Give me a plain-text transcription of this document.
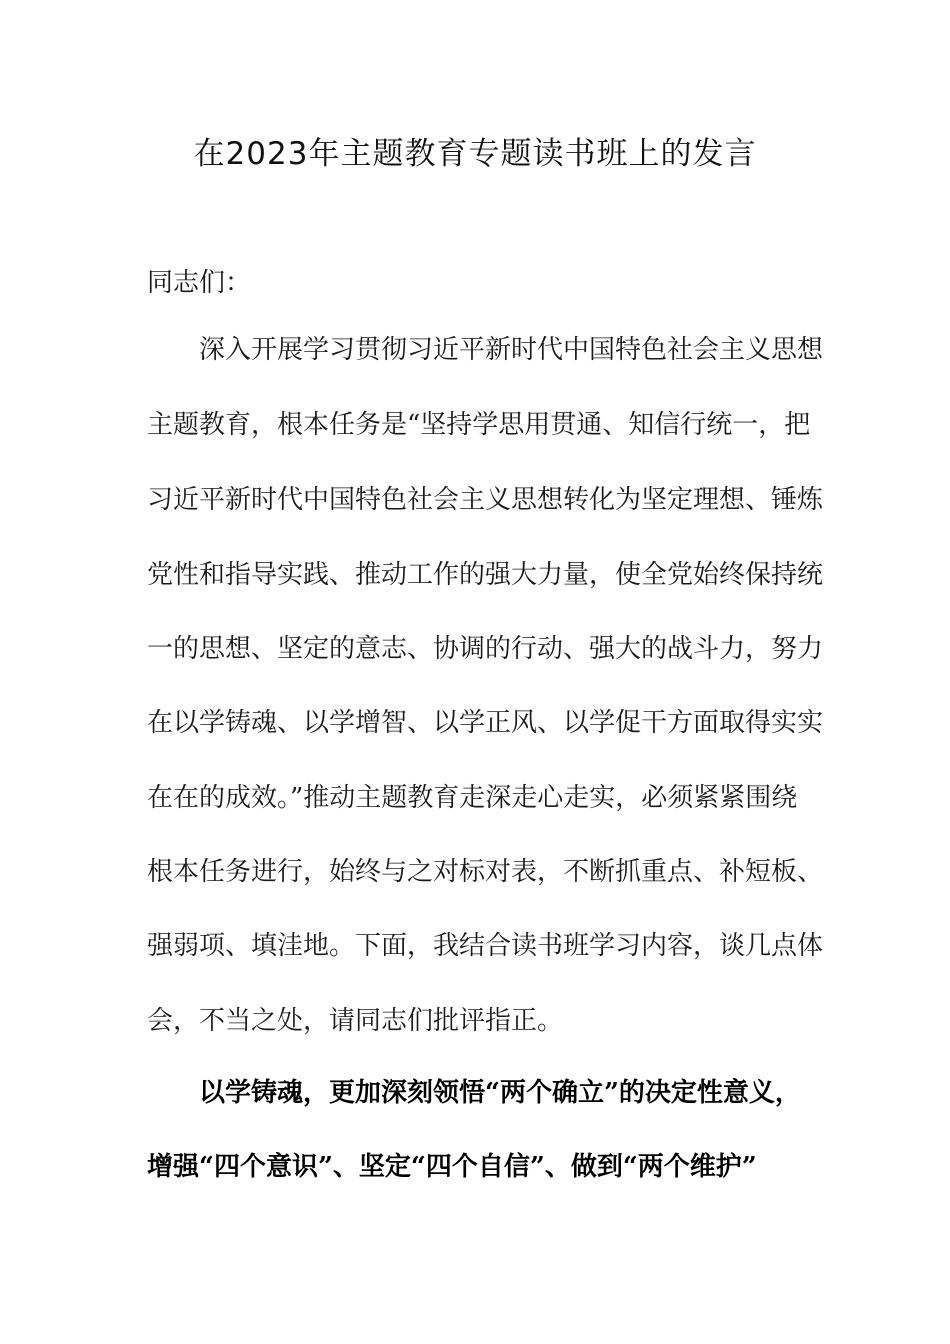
在2023年主题教育专题读书班上的发言
同志们：
　　深入开展学习贯彻习近平新时代中国特色社会主义思想
主题教育，根本任务是“坚持学思用贯通、知信行统一，把
习近平新时代中国特色社会主义思想转化为坚定理想、锤炼
党性和指导实践、推动工作的强大力量，使全党始终保持统
一的思想、坚定的意志、协调的行动、强大的战斗力，努力
在以学铸魂、以学增智、以学正风、以学促干方面取得实实
在在的成效。”推动主题教育走深走心走实，必须紧紧围绕
根本任务进行，始终与之对标对表，不断抓重点、补短板、
强弱项、填洼地。下面，我结合读书班学习内容，谈几点体
会，不当之处，请同志们批评指正。
　　以学铸魂，更加深刻领悟“两个确立”的决定性意义，
增强“四个意识”、坚定“四个自信”、做到“两个维护”
